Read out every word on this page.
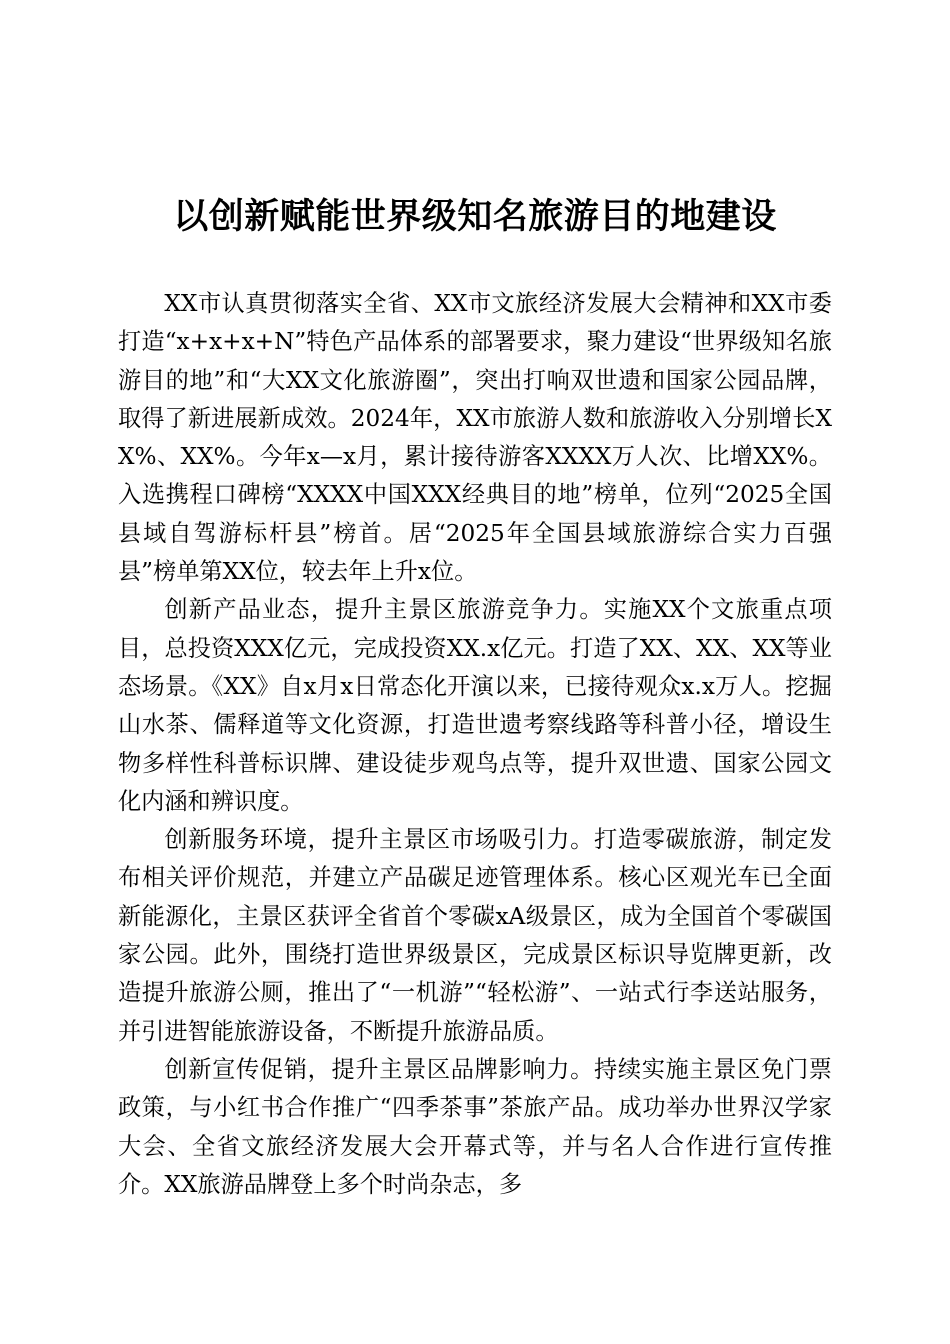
以创新赋能世界级知名旅游目的地建设

XX市认真贯彻落实全省、XX市文旅经济发展大会精神和XX市委打造“x+x+x+N”特色产品体系的部署要求，聚力建设“世界级知名旅游目的地”和“大XX文化旅游圈”，突出打响双世遗和国家公园品牌，取得了新进展新成效。2024年，XX市旅游人数和旅游收入分别增长XX%、XX%。今年x—x月，累计接待游客XXXX万人次、比增XX%。入选携程口碑榜“XXXX中国XXX经典目的地”榜单，位列“2025全国县域自驾游标杆县”榜首。居“2025年全国县域旅游综合实力百强县”榜单第XX位，较去年上升x位。

创新产品业态，提升主景区旅游竞争力。实施XX个文旅重点项目，总投资XXX亿元，完成投资XX.x亿元。打造了XX、XX、XX等业态场景。《XX》自x月x日常态化开演以来，已接待观众x.x万人。挖掘山水茶、儒释道等文化资源，打造世遗考察线路等科普小径，增设生物多样性科普标识牌、建设徒步观鸟点等，提升双世遗、国家公园文化内涵和辨识度。

创新服务环境，提升主景区市场吸引力。打造零碳旅游，制定发布相关评价规范，并建立产品碳足迹管理体系。核心区观光车已全面新能源化，主景区获评全省首个零碳xA级景区，成为全国首个零碳国家公园。此外，围绕打造世界级景区，完成景区标识导览牌更新，改造提升旅游公厕，推出了“一机游”“轻松游”、一站式行李送站服务，并引进智能旅游设备，不断提升旅游品质。

创新宣传促销，提升主景区品牌影响力。持续实施主景区免门票政策，与小红书合作推广“四季茶事”茶旅产品。成功举办世界汉学家大会、全省文旅经济发展大会开幕式等，并与名人合作进行宣传推介。XX旅游品牌登上多个时尚杂志，多
